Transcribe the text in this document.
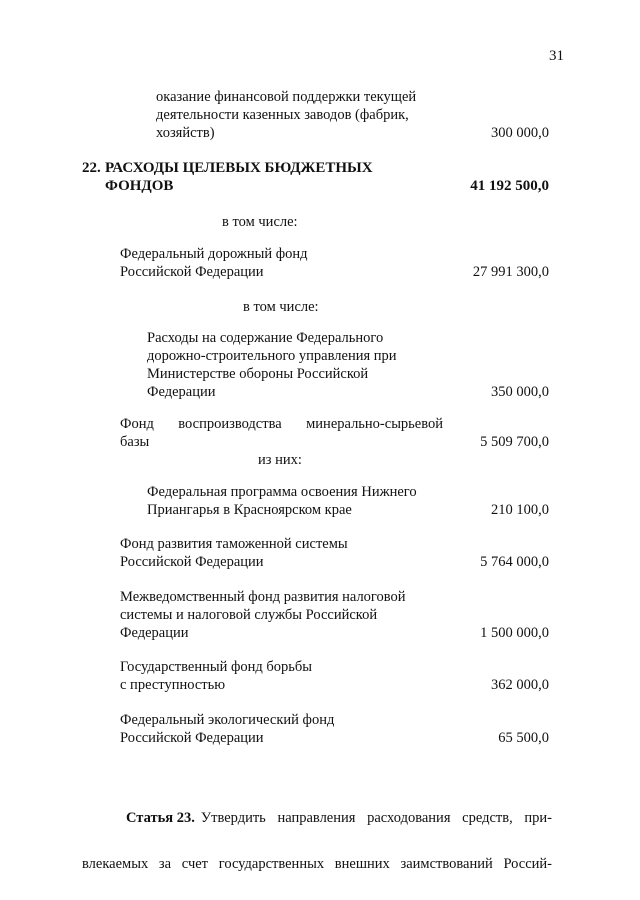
31
оказание финансовой поддержки текущей
деятельности казенных заводов (фабрик,
хозяйств)	300 000,0
22. РАСХОДЫ ЦЕЛЕВЫХ БЮДЖЕТНЫХ
ФОНДОВ	41 192 500,0
в том числе:
Федеральный дорожный фонд
Российской Федерации	27 991 300,0
в том числе:
Расходы на содержание Федерального
дорожно-строительного управления при
Министерстве обороны Российской
Федерации	350 000,0
Фонд воспроизводства минерально-сырьевой
базы	5 509 700,0
из них:
Федеральная программа освоения Нижнего
Приангарья в Красноярском крае	210 100,0
Фонд развития таможенной системы
Российской Федерации	5 764 000,0
Межведомственный фонд развития налоговой
системы и налоговой службы Российской
Федерации	1 500 000,0
Государственный фонд борьбы
с преступностью	362 000,0
Федеральный экологический фонд
Российской Федерации	65 500,0
Статья 23. Утвердить направления расходования средств, при-
влекаемых за счет государственных внешних заимствований Россий-
